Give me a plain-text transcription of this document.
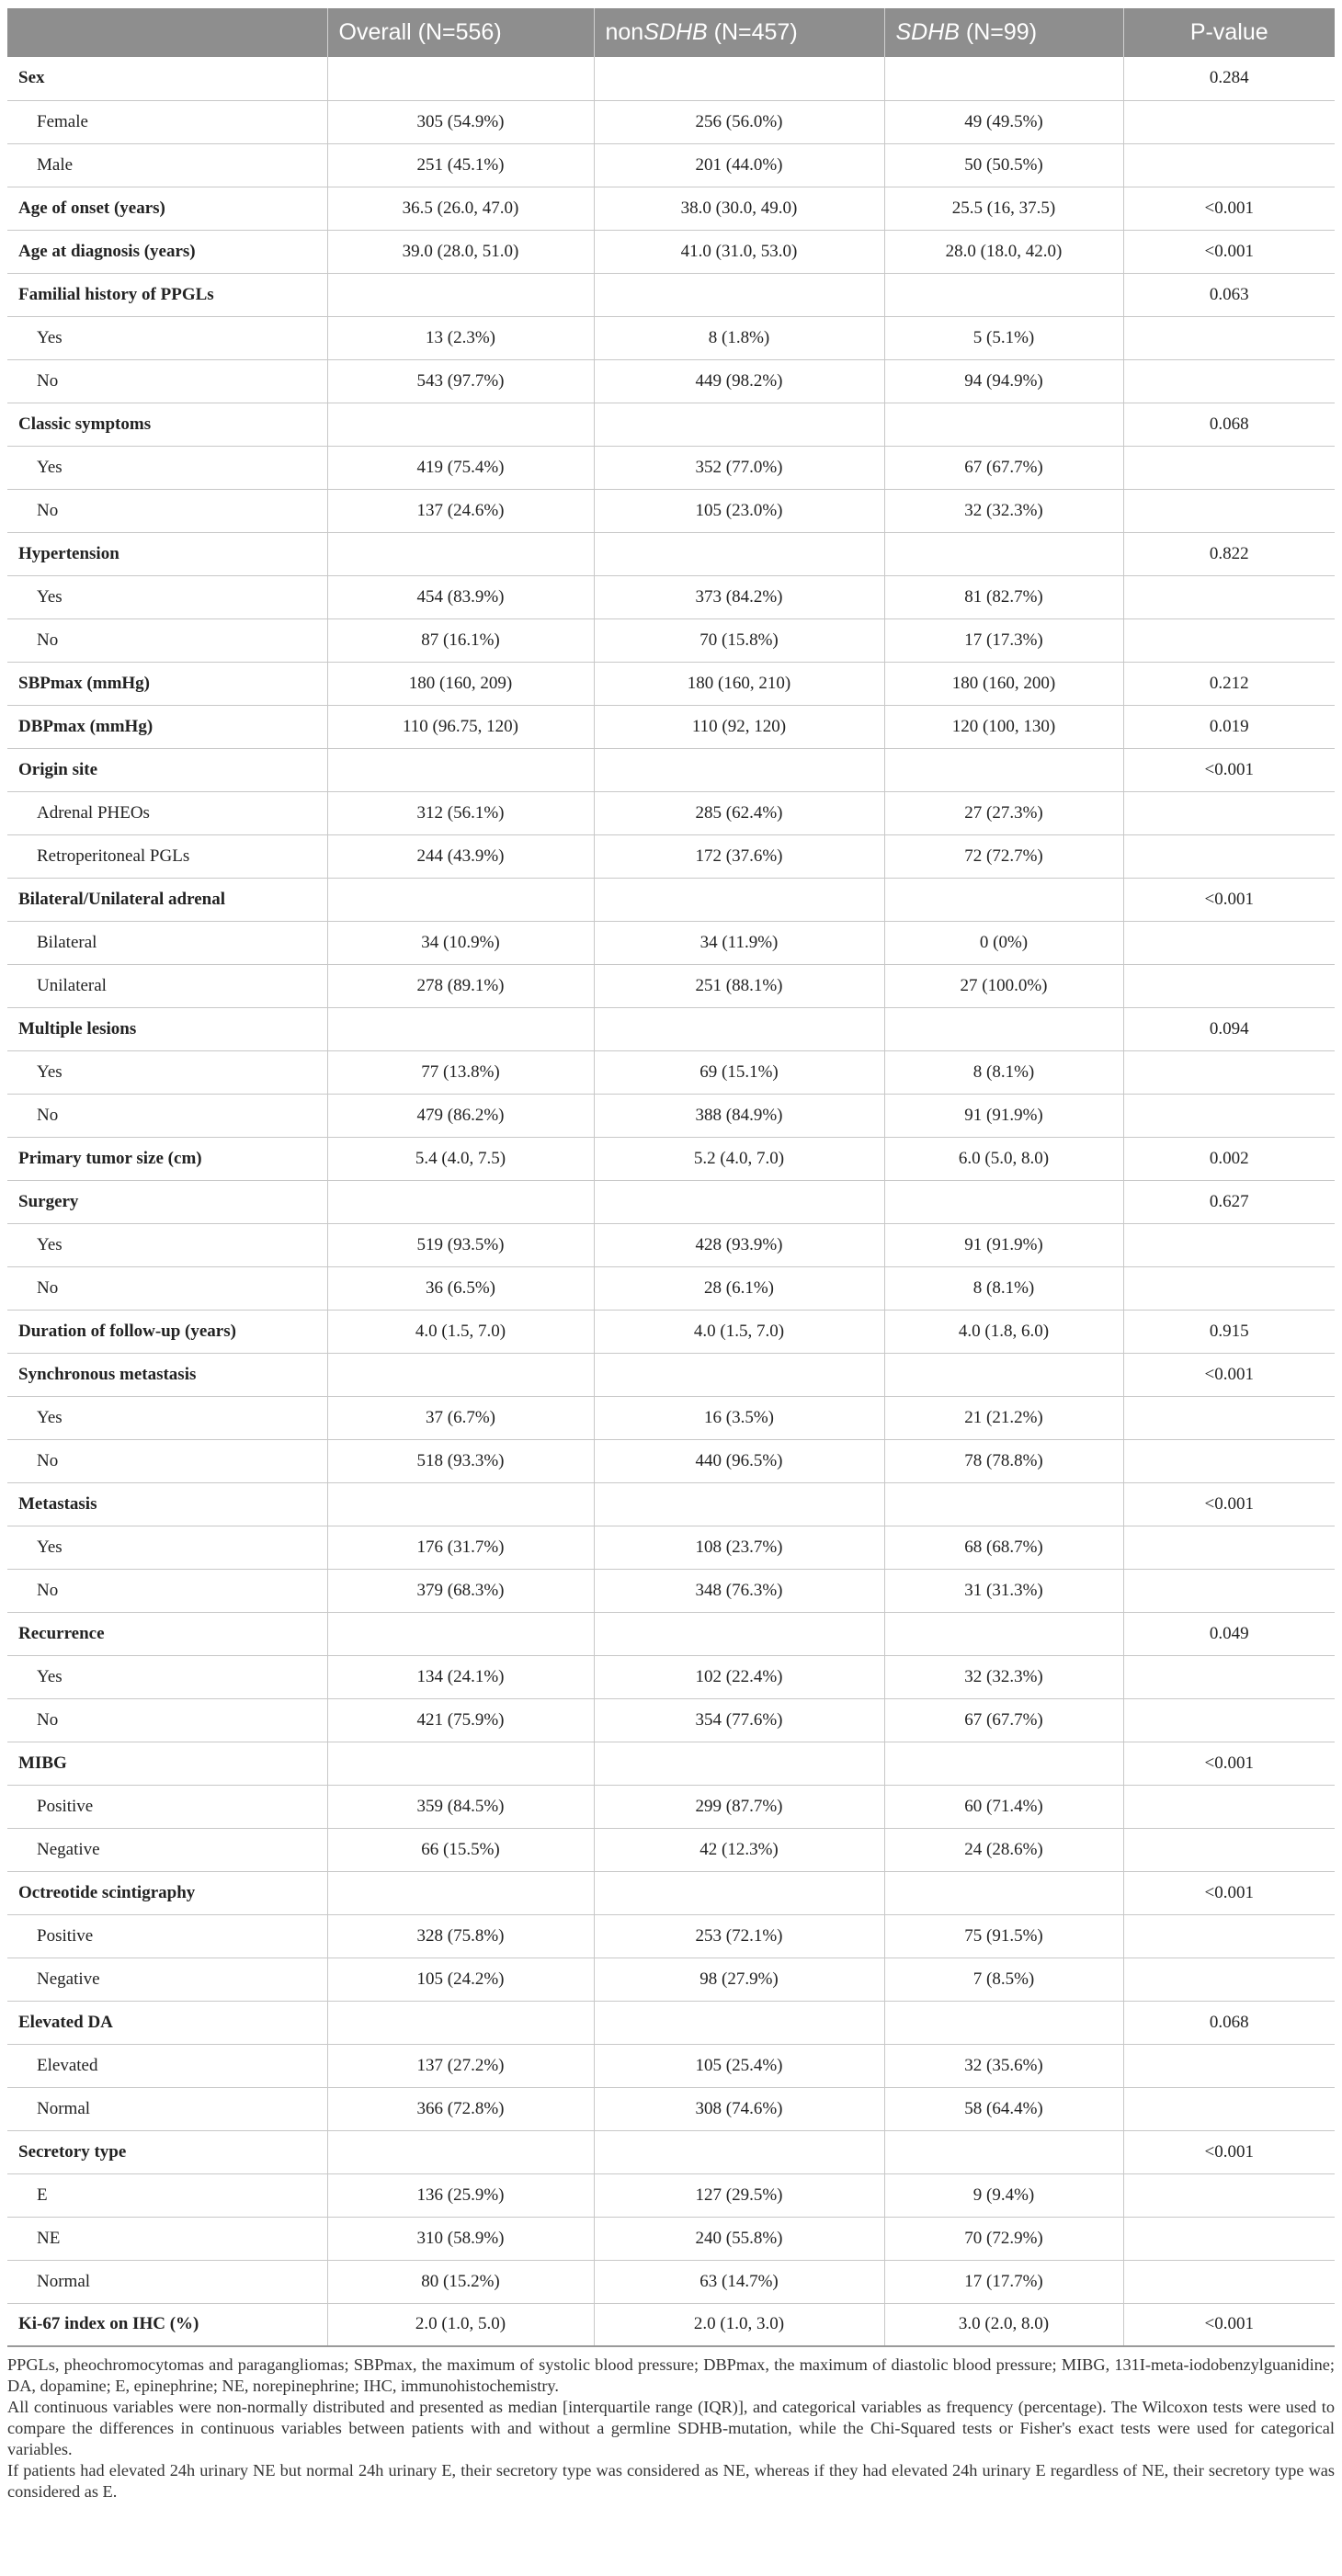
	Overall (N=556)	nonSDHB (N=457)	SDHB (N=99)	P-value
Sex				0.284
Female	305 (54.9%)	256 (56.0%)	49 (49.5%)	
Male	251 (45.1%)	201 (44.0%)	50 (50.5%)	
Age of onset (years)	36.5 (26.0, 47.0)	38.0 (30.0, 49.0)	25.5 (16, 37.5)	<0.001
Age at diagnosis (years)	39.0 (28.0, 51.0)	41.0 (31.0, 53.0)	28.0 (18.0, 42.0)	<0.001
Familial history of PPGLs				0.063
Yes	13 (2.3%)	8 (1.8%)	5 (5.1%)	
No	543 (97.7%)	449 (98.2%)	94 (94.9%)	
Classic symptoms				0.068
Yes	419 (75.4%)	352 (77.0%)	67 (67.7%)	
No	137 (24.6%)	105 (23.0%)	32 (32.3%)	
Hypertension				0.822
Yes	454 (83.9%)	373 (84.2%)	81 (82.7%)	
No	87 (16.1%)	70 (15.8%)	17 (17.3%)	
SBPmax (mmHg)	180 (160, 209)	180 (160, 210)	180 (160, 200)	0.212
DBPmax (mmHg)	110 (96.75, 120)	110 (92, 120)	120 (100, 130)	0.019
Origin site				<0.001
Adrenal PHEOs	312 (56.1%)	285 (62.4%)	27 (27.3%)	
Retroperitoneal PGLs	244 (43.9%)	172 (37.6%)	72 (72.7%)	
Bilateral/Unilateral adrenal				<0.001
Bilateral	34 (10.9%)	34 (11.9%)	0 (0%)	
Unilateral	278 (89.1%)	251 (88.1%)	27 (100.0%)	
Multiple lesions				0.094
Yes	77 (13.8%)	69 (15.1%)	8 (8.1%)	
No	479 (86.2%)	388 (84.9%)	91 (91.9%)	
Primary tumor size (cm)	5.4 (4.0, 7.5)	5.2 (4.0, 7.0)	6.0 (5.0, 8.0)	0.002
Surgery				0.627
Yes	519 (93.5%)	428 (93.9%)	91 (91.9%)	
No	36 (6.5%)	28 (6.1%)	8 (8.1%)	
Duration of follow-up (years)	4.0 (1.5, 7.0)	4.0 (1.5, 7.0)	4.0 (1.8, 6.0)	0.915
Synchronous metastasis				<0.001
Yes	37 (6.7%)	16 (3.5%)	21 (21.2%)	
No	518 (93.3%)	440 (96.5%)	78 (78.8%)	
Metastasis				<0.001
Yes	176 (31.7%)	108 (23.7%)	68 (68.7%)	
No	379 (68.3%)	348 (76.3%)	31 (31.3%)	
Recurrence				0.049
Yes	134 (24.1%)	102 (22.4%)	32 (32.3%)	
No	421 (75.9%)	354 (77.6%)	67 (67.7%)	
MIBG				<0.001
Positive	359 (84.5%)	299 (87.7%)	60 (71.4%)	
Negative	66 (15.5%)	42 (12.3%)	24 (28.6%)	
Octreotide scintigraphy				<0.001
Positive	328 (75.8%)	253 (72.1%)	75 (91.5%)	
Negative	105 (24.2%)	98 (27.9%)	7 (8.5%)	
Elevated DA				0.068
Elevated	137 (27.2%)	105 (25.4%)	32 (35.6%)	
Normal	366 (72.8%)	308 (74.6%)	58 (64.4%)	
Secretory type				<0.001
E	136 (25.9%)	127 (29.5%)	9 (9.4%)	
NE	310 (58.9%)	240 (55.8%)	70 (72.9%)	
Normal	80 (15.2%)	63 (14.7%)	17 (17.7%)	
Ki-67 index on IHC (%)	2.0 (1.0, 5.0)	2.0 (1.0, 3.0)	3.0 (2.0, 8.0)	<0.001

PPGLs, pheochromocytomas and paragangliomas; SBPmax, the maximum of systolic blood pressure; DBPmax, the maximum of diastolic blood pressure; MIBG, 131I-meta-iodobenzylguanidine; DA, dopamine; E, epinephrine; NE, norepinephrine; IHC, immunohistochemistry.

All continuous variables were non-normally distributed and presented as median [interquartile range (IQR)], and categorical variables as frequency (percentage). The Wilcoxon tests were used to compare the differences in continuous variables between patients with and without a germline SDHB-mutation, while the Chi-Squared tests or Fisher's exact tests were used for categorical variables.

If patients had elevated 24h urinary NE but normal 24h urinary E, their secretory type was considered as NE, whereas if they had elevated 24h urinary E regardless of NE, their secretory type was considered as E.
